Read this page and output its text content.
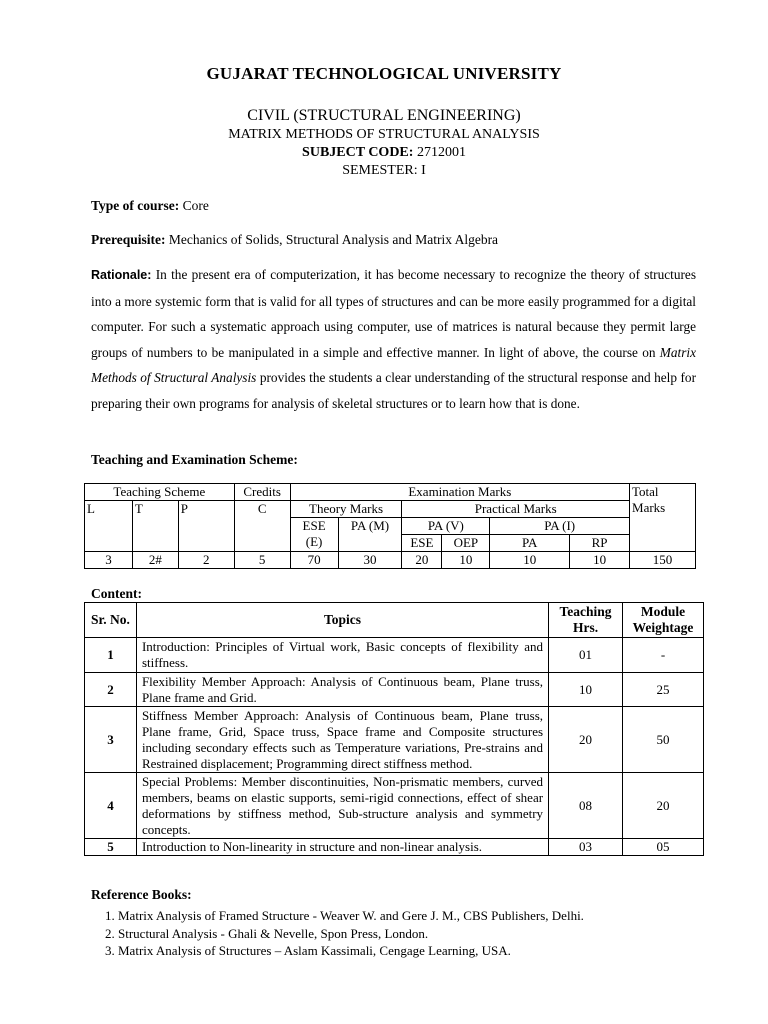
GUJARAT TECHNOLOGICAL UNIVERSITY
CIVIL (STRUCTURAL ENGINEERING)
MATRIX METHODS OF STRUCTURAL ANALYSIS
SUBJECT CODE: 2712001
SEMESTER: I
Type of course: Core
Prerequisite: Mechanics of Solids, Structural Analysis and Matrix Algebra
Rationale: In the present era of computerization, it has become necessary to recognize the theory of structures into a more systemic form that is valid for all types of structures and can be more easily programmed for a digital computer. For such a systematic approach using computer, use of matrices is natural because they permit large groups of numbers to be manipulated in a simple and effective manner. In light of above, the course on Matrix Methods of Structural Analysis provides the students a clear understanding of the structural response and help for preparing their own programs for analysis of skeletal structures or to learn how that is done.
Teaching and Examination Scheme:
Teaching Scheme			Credits	Examination Marks						Total Marks
L	T	P	C	Theory Marks		Practical Marks				
				ESE (E)	PA (M)	PA (V)		PA (I)		
						ESE	OEP	PA	RP	
3	2#	2	5	70	30	20	10	10	10	150
Content:
Sr. No.	Topics	Teaching Hrs.	Module Weightage
1	Introduction: Principles of Virtual work, Basic concepts of flexibility and stiffness.	01	-
2	Flexibility Member Approach: Analysis of Continuous beam, Plane truss, Plane frame and Grid.	10	25
3	Stiffness Member Approach: Analysis of Continuous beam, Plane truss, Plane frame, Grid, Space truss, Space frame and Composite structures including secondary effects such as Temperature variations, Pre-strains and Restrained displacement; Programming direct stiffness method.	20	50
4	Special Problems: Member discontinuities, Non-prismatic members, curved members, beams on elastic supports, semi-rigid connections, effect of shear deformations by stiffness method, Sub-structure analysis and symmetry concepts.	08	20
5	Introduction to Non-linearity in structure and non-linear analysis.	03	05
Reference Books:
1. Matrix Analysis of Framed Structure - Weaver W. and Gere J. M., CBS Publishers, Delhi.
2. Structural Analysis - Ghali & Nevelle, Spon Press, London.
3. Matrix Analysis of Structures – Aslam Kassimali, Cengage Learning, USA.
